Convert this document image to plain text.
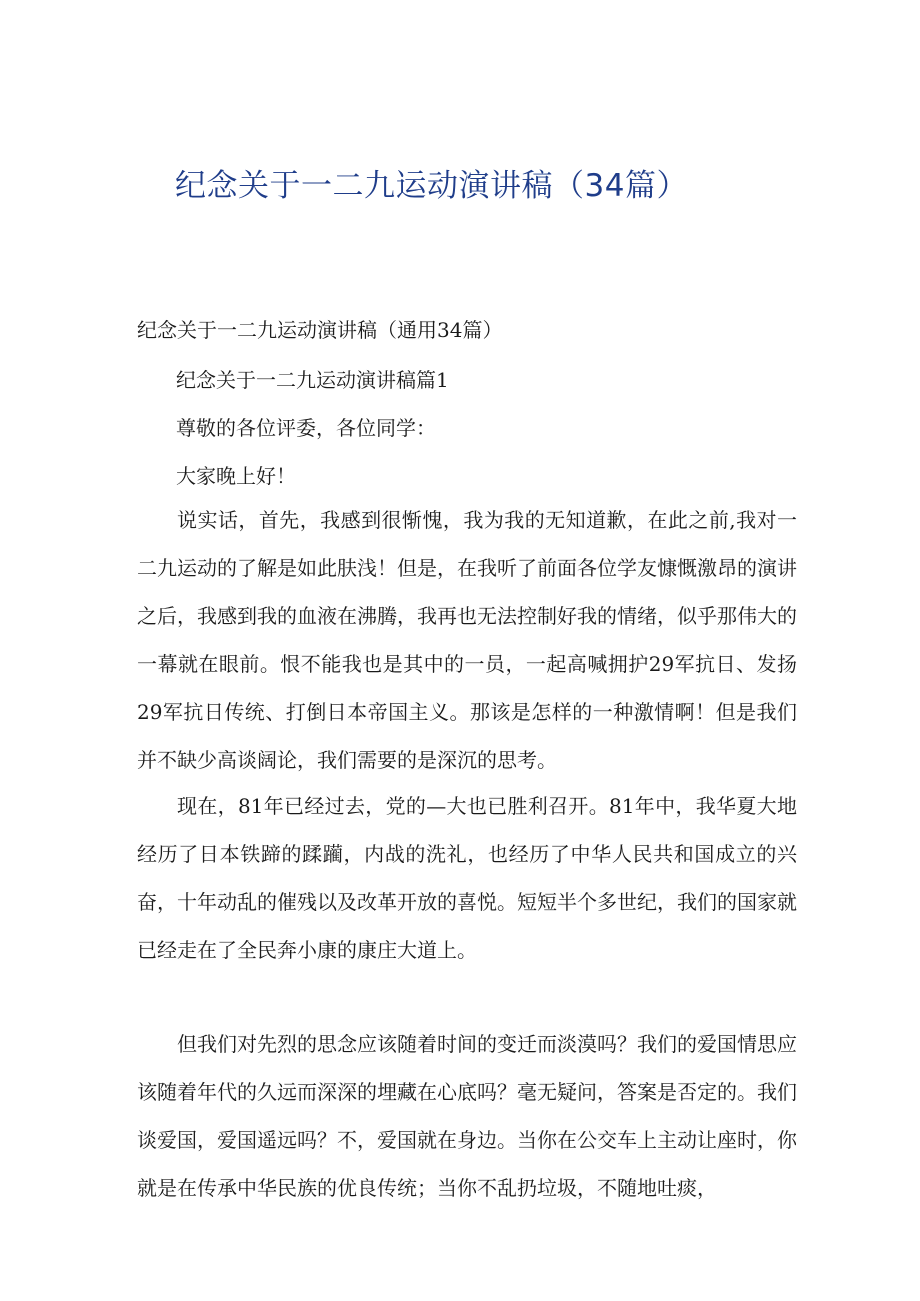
纪念关于一二九运动演讲稿（34篇）

纪念关于一二九运动演讲稿（通用34篇）

纪念关于一二九运动演讲稿篇1

尊敬的各位评委，各位同学：

大家晚上好！

说实话，首先，我感到很惭愧，我为我的无知道歉，在此之前,我对一二九运动的了解是如此肤浅！但是，在我听了前面各位学友慷慨激昂的演讲之后，我感到我的血液在沸腾，我再也无法控制好我的情绪，似乎那伟大的一幕就在眼前。恨不能我也是其中的一员，一起高喊拥护29军抗日、发扬29军抗日传统、打倒日本帝国主义。那该是怎样的一种激情啊！但是我们并不缺少高谈阔论，我们需要的是深沉的思考。

现在，81年已经过去，党的—大也已胜利召开。81年中，我华夏大地经历了日本铁蹄的蹂躏，内战的洗礼，也经历了中华人民共和国成立的兴奋，十年动乱的催残以及改革开放的喜悦。短短半个多世纪，我们的国家就已经走在了全民奔小康的康庄大道上。

但我们对先烈的思念应该随着时间的变迁而淡漠吗？我们的爱国情思应该随着年代的久远而深深的埋藏在心底吗？毫无疑问，答案是否定的。我们谈爱国，爱国遥远吗？不，爱国就在身边。当你在公交车上主动让座时，你就是在传承中华民族的优良传统；当你不乱扔垃圾，不随地吐痰，
